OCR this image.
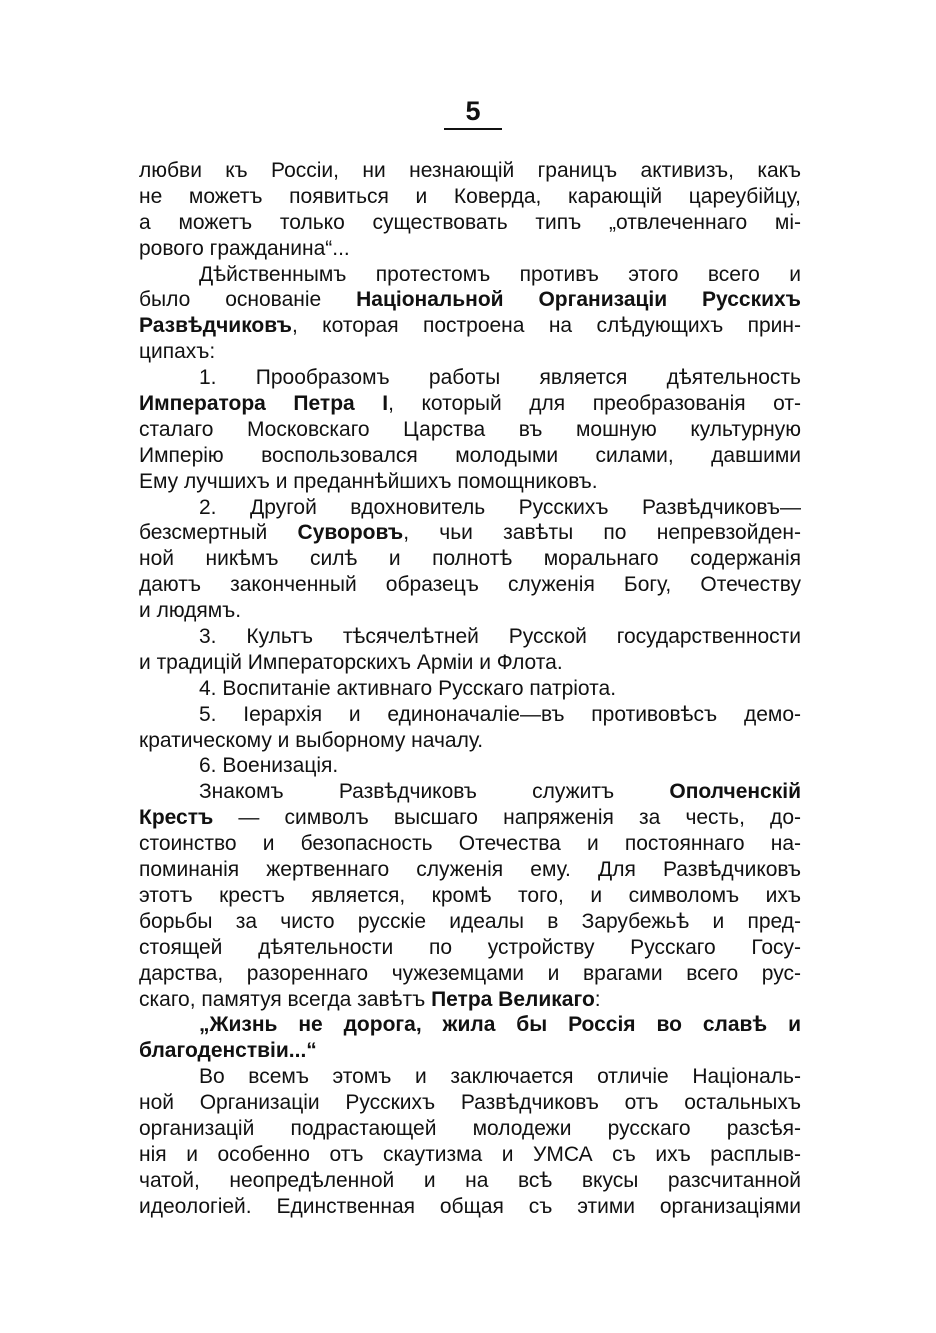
5
любви къ Россіи, ни незнающій границъ активизъ, какъ
не можетъ появиться и Коверда, карающій цареубійцу,
а можетъ только существовать типъ „отвлеченнаго мі-
рового гражданина“...
Дѣйственнымъ протестомъ противъ этого всего и
было основаніе Національной Организаціи Русскихъ
Развѣдчиковъ, которая построена на слѣдующихъ прин-
ципахъ:
1. Прообразомъ работы является дѣятельность
Императора Петра I, который для преобразованія от-
сталаго Московскаго Царства въ мошную культурную
Имперію воспользовался молодыми силами, давшими
Ему лучшихъ и преданнѣйшихъ помощниковъ.
2. Другой вдохновитель Русскихъ Развѣдчиковъ—
безсмертный Суворовъ, чьи завѣты по непревзойден-
ной никѣмъ силѣ и полнотѣ моральнаго содержанія
даютъ законченный образецъ служенія Богу, Отечеству
и людямъ.
3. Культъ тѣсячелѣтней Русской государственности
и традицій Императорскихъ Арміи и Флота.
4. Воспитаніе активнаго Русскаго патріота.
5. Іерархія и единоначаліе—въ противовѣсъ демо-
кратическому и выборному началу.
6. Военизація.
Знакомъ Развѣдчиковъ служитъ Ополченскій
Крестъ — символъ высшаго напряженія за честь, до-
стоинство и безопасность Отечества и постояннаго на-
поминанія жертвеннаго служенія ему. Для Развѣдчиковъ
этотъ крестъ является, кромѣ того, и символомъ ихъ
борьбы за чисто русскіе идеалы в Зарубежьѣ и пред-
стоящей дѣятельности по устройству Русскаго Госу-
дарства, разореннаго чужеземцами и врагами всего рус-
скаго, памятуя всегда завѣтъ Петра Великаго:
„Жизнь не дорога, жила бы Россія во славѣ и
благоденствіи...“
Во всемъ этомъ и заключается отличіе Національ-
ной Организаціи Русскихъ Развѣдчиковъ отъ остальныхъ
организацій подрастающей молодежи русскаго разсѣя-
нія и особенно отъ скаутизма и УМСА съ ихъ расплыв-
чатой, неопредѣленной и на всѣ вкусы разсчитанной
идеологіей. Единственная общая съ этими организаціями
